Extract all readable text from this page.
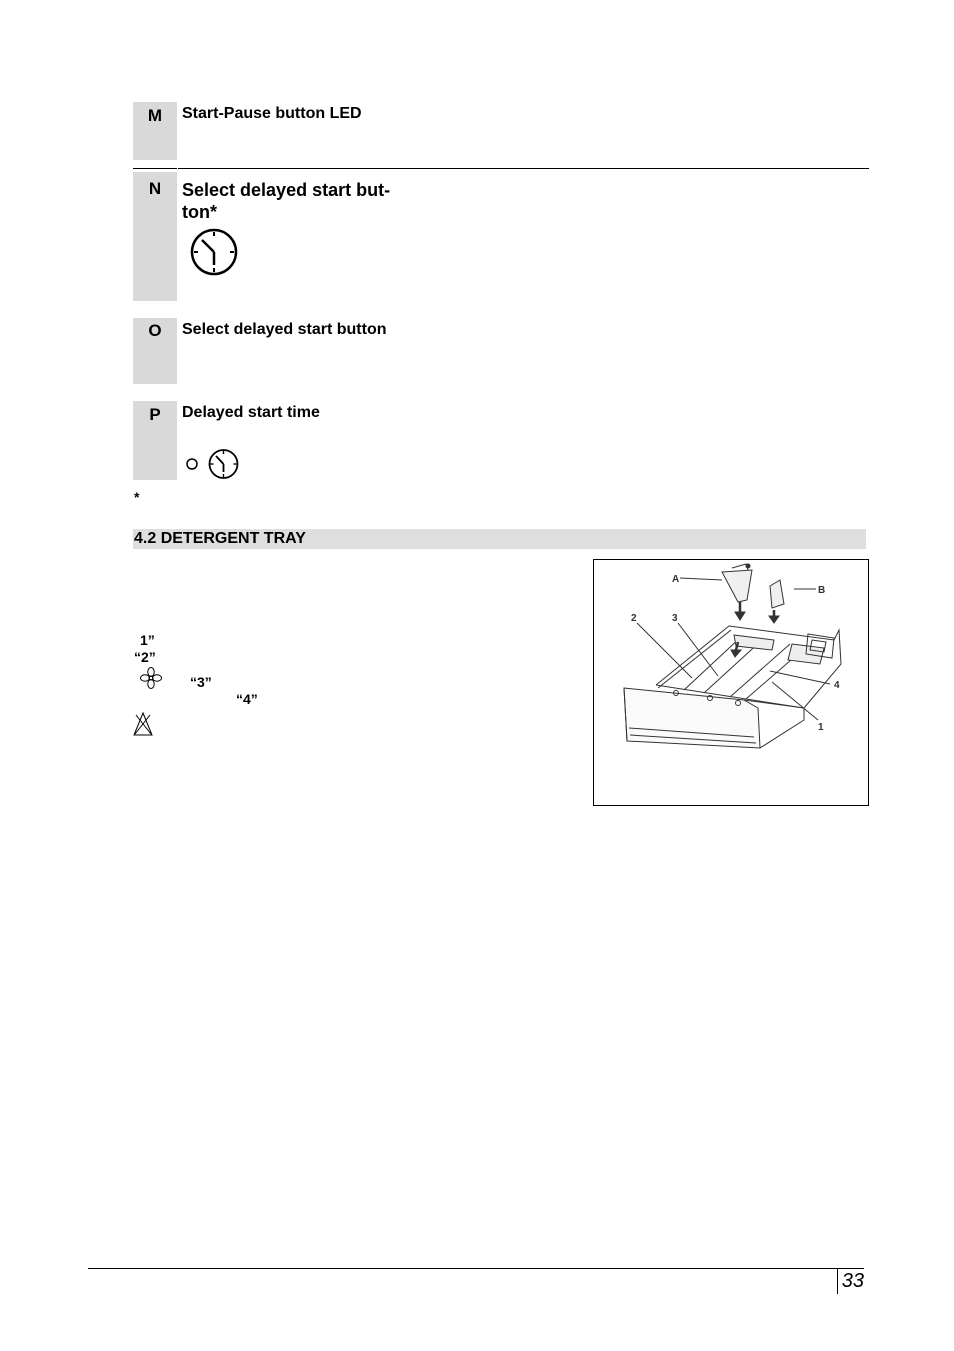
M	Start-Pause button LED
N	Select delayed start but-
ton*
O	Select delayed start button
P	Delayed start time
*
4.2 DETERGENT TRAY
1”
“2”
“3”
“4”
A
B
2	3
4
1
33
